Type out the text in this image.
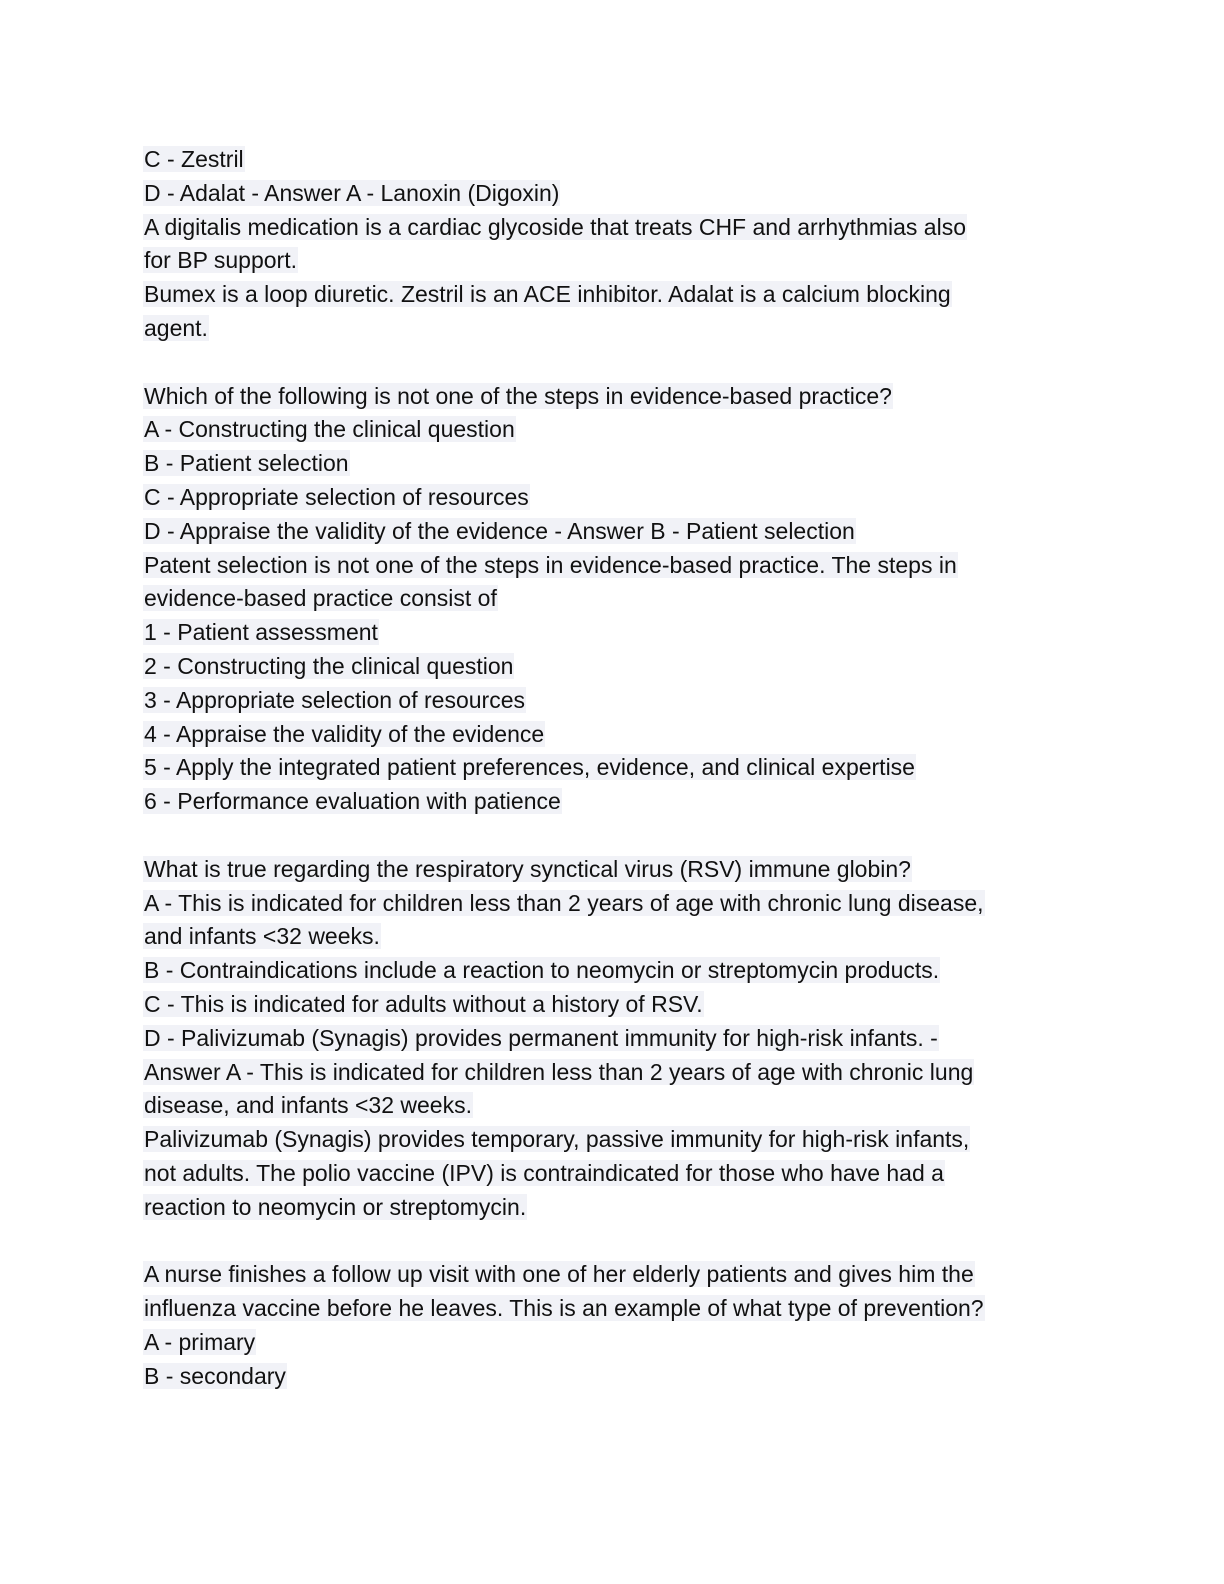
C - Zestril
D - Adalat - Answer A - Lanoxin (Digoxin)
A digitalis medication is a cardiac glycoside that treats CHF and arrhythmias also
for BP support.
Bumex is a loop diuretic. Zestril is an ACE inhibitor. Adalat is a calcium blocking
agent.
Which of the following is not one of the steps in evidence-based practice?
A - Constructing the clinical question
B - Patient selection
C - Appropriate selection of resources
D - Appraise the validity of the evidence - Answer B - Patient selection
Patent selection is not one of the steps in evidence-based practice. The steps in
evidence-based practice consist of
1 - Patient assessment
2 - Constructing the clinical question
3 - Appropriate selection of resources
4 - Appraise the validity of the evidence
5 - Apply the integrated patient preferences, evidence, and clinical expertise
6 - Performance evaluation with patience
What is true regarding the respiratory synctical virus (RSV) immune globin?
A - This is indicated for children less than 2 years of age with chronic lung disease,
and infants <32 weeks.
B - Contraindications include a reaction to neomycin or streptomycin products.
C - This is indicated for adults without a history of RSV.
D - Palivizumab (Synagis) provides permanent immunity for high-risk infants. -
Answer A - This is indicated for children less than 2 years of age with chronic lung
disease, and infants <32 weeks.
Palivizumab (Synagis) provides temporary, passive immunity for high-risk infants,
not adults. The polio vaccine (IPV) is contraindicated for those who have had a
reaction to neomycin or streptomycin.
A nurse finishes a follow up visit with one of her elderly patients and gives him the
influenza vaccine before he leaves. This is an example of what type of prevention?
A - primary
B - secondary
